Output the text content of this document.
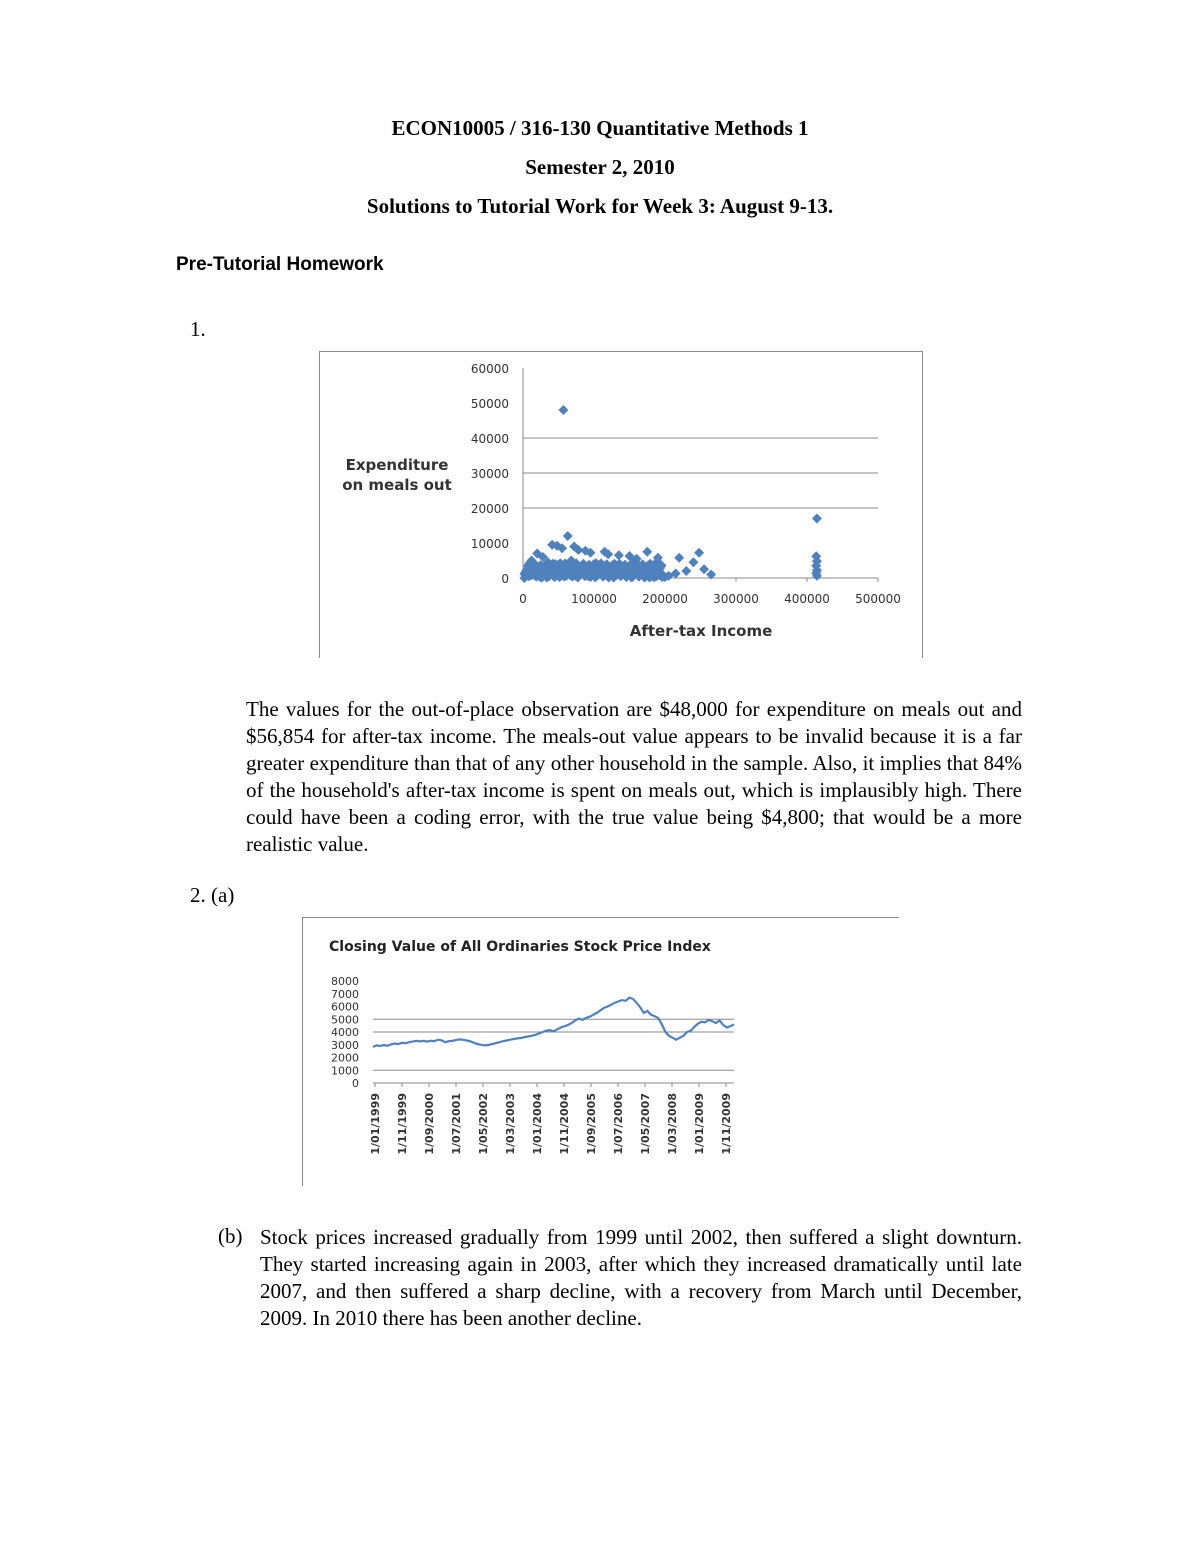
ECON10005 / 316-130 Quantitative Methods 1
Semester 2, 2010
Solutions to Tutorial Work for Week 3: August 9-13.
Pre-Tutorial Homework
1.
0
10000
20000
30000
40000
50000
60000
0	100000 200000 300000 400000 500000
Expenditure
on meals out
After-tax Income
The values for the out-of-place observation are $48,000 for expenditure on meals out and $56,854 for after-tax income. The meals-out value appears to be invalid because it is a far greater expenditure than that of any other household in the sample. Also, it implies that 84% of the household's after-tax income is spent on meals out, which is implausibly high. There could have been a coding error, with the true value being $4,800; that would be a more realistic value.
2. (a)
Closing Value of All Ordinaries Stock Price Index
0
1000
2000
3000
4000
5000
6000
7000
8000
1/01/1999 1/11/1999 1/09/2000 1/07/2001 1/05/2002 1/03/2003 1/01/2004 1/11/2004 1/09/2005 1/07/2006 1/05/2007 1/03/2008 1/01/2009 1/11/2009
(b) Stock prices increased gradually from 1999 until 2002, then suffered a slight downturn. They started increasing again in 2003, after which they increased dramatically until late 2007, and then suffered a sharp decline, with a recovery from March until December, 2009. In 2010 there has been another decline.
